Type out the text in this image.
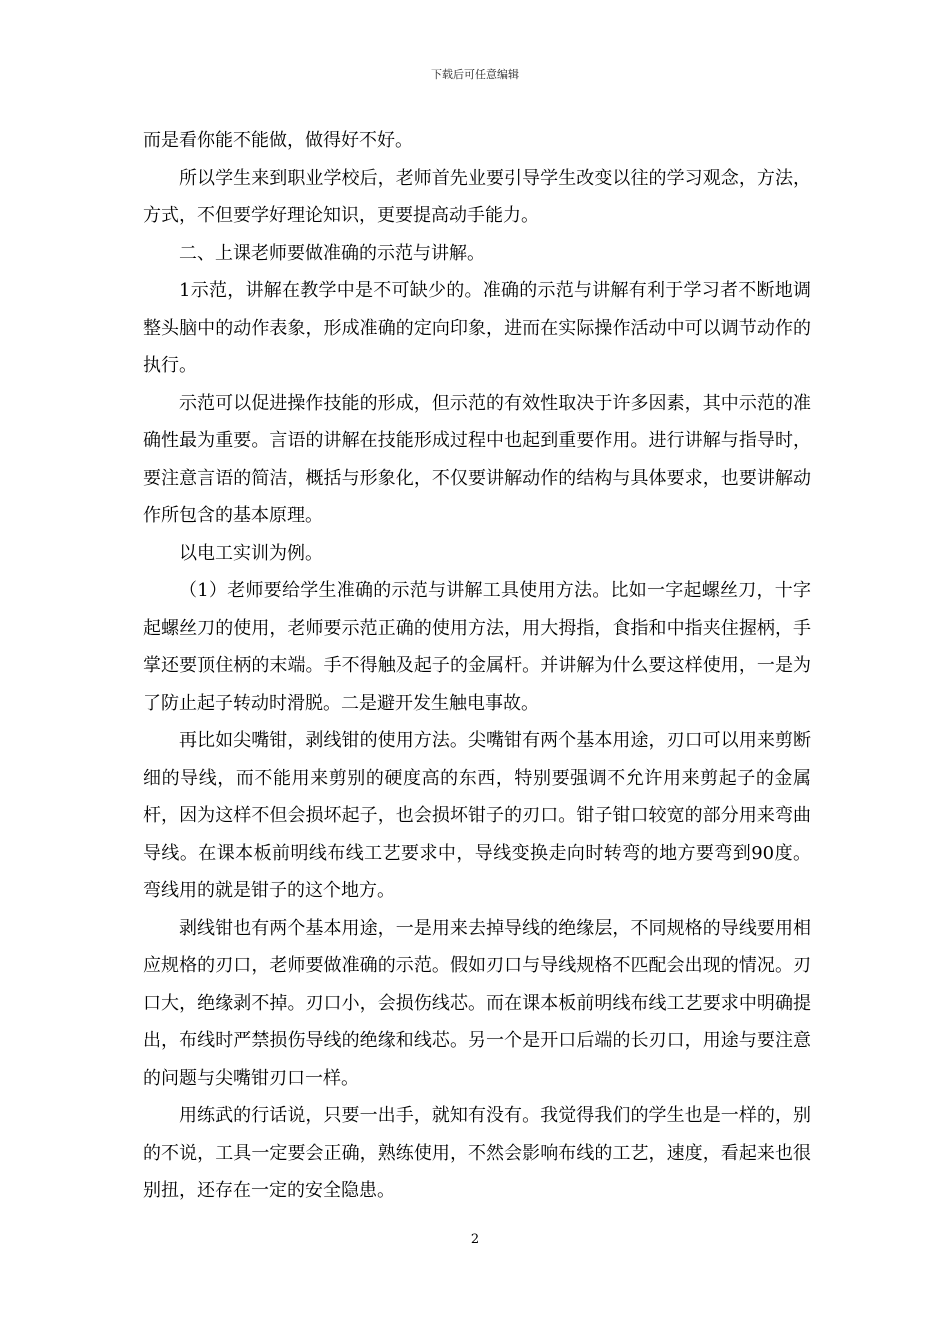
下载后可任意编辑

而是看你能不能做，做得好不好。

所以学生来到职业学校后，老师首先业要引导学生改变以往的学习观念，方法，方式，不但要学好理论知识，更要提高动手能力。

二、上课老师要做准确的示范与讲解。

1示范，讲解在教学中是不可缺少的。准确的示范与讲解有利于学习者不断地调整头脑中的动作表象，形成准确的定向印象，进而在实际操作活动中可以调节动作的执行。

示范可以促进操作技能的形成，但示范的有效性取决于许多因素，其中示范的准确性最为重要。言语的讲解在技能形成过程中也起到重要作用。进行讲解与指导时，要注意言语的简洁，概括与形象化，不仅要讲解动作的结构与具体要求，也要讲解动作所包含的基本原理。

以电工实训为例。

（1）老师要给学生准确的示范与讲解工具使用方法。比如一字起螺丝刀，十字起螺丝刀的使用，老师要示范正确的使用方法，用大拇指，食指和中指夹住握柄，手掌还要顶住柄的末端。手不得触及起子的金属杆。并讲解为什么要这样使用，一是为了防止起子转动时滑脱。二是避开发生触电事故。

再比如尖嘴钳，剥线钳的使用方法。尖嘴钳有两个基本用途，刃口可以用来剪断细的导线，而不能用来剪别的硬度高的东西，特别要强调不允许用来剪起子的金属杆，因为这样不但会损坏起子，也会损坏钳子的刃口。钳子钳口较宽的部分用来弯曲导线。在课本板前明线布线工艺要求中，导线变换走向时转弯的地方要弯到90度。弯线用的就是钳子的这个地方。

剥线钳也有两个基本用途，一是用来去掉导线的绝缘层，不同规格的导线要用相应规格的刃口，老师要做准确的示范。假如刃口与导线规格不匹配会出现的情况。刃口大，绝缘剥不掉。刃口小，会损伤线芯。而在课本板前明线布线工艺要求中明确提出，布线时严禁损伤导线的绝缘和线芯。另一个是开口后端的长刃口，用途与要注意的问题与尖嘴钳刃口一样。

用练武的行话说，只要一出手，就知有没有。我觉得我们的学生也是一样的，别的不说，工具一定要会正确，熟练使用，不然会影响布线的工艺，速度，看起来也很别扭，还存在一定的安全隐患。

2
